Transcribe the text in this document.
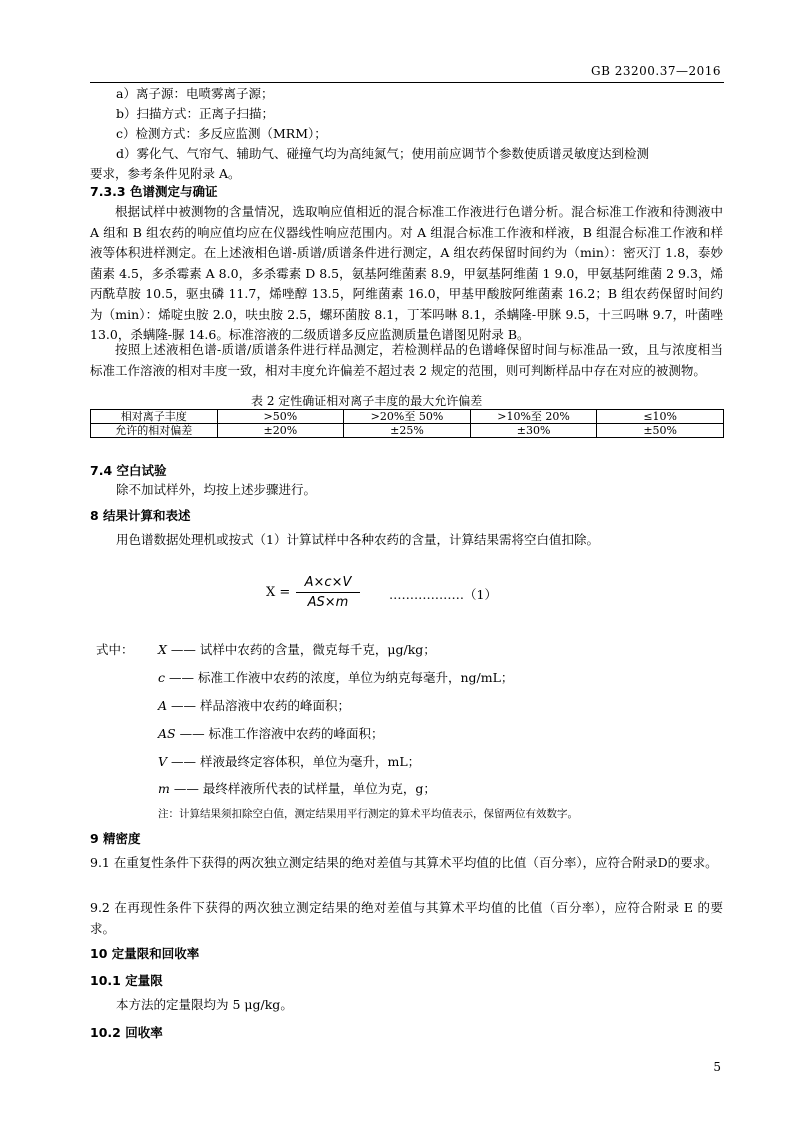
GB 23200.37—2016
a）离子源：电喷雾离子源；
b）扫描方式：正离子扫描；
c）检测方式：多反应监测（MRM）；
d）雾化气、气帘气、辅助气、碰撞气均为高纯氮气；使用前应调节个参数使质谱灵敏度达到检测
要求，参考条件见附录 A。
7.3.3 色谱测定与确证
根据试样中被测物的含量情况，选取响应值相近的混合标准工作液进行色谱分析。混合标准工作液和待测液中 A 组和 B 组农药的响应值均应在仪器线性响应范围内。对 A 组混合标准工作液和样液，B 组混合标准工作液和样液等体积进样测定。在上述液相色谱-质谱/质谱条件进行测定，A 组农药保留时间约为（min）：密灭汀 1.8，泰妙菌素 4.5，多杀霉素 A 8.0，多杀霉素 D 8.5，氨基阿维菌素 8.9，甲氨基阿维菌 1 9.0，甲氨基阿维菌 2 9.3，烯丙酰草胺 10.5，驱虫磷 11.7，烯唑醇 13.5，阿维菌素 16.0，甲基甲酸胺阿维菌素 16.2；B 组农药保留时间约为（min）：烯啶虫胺 2.0，呋虫胺 2.5，螺环菌胺 8.1，丁苯吗啉 8.1，杀螨隆-甲脒 9.5，十三吗啉 9.7，叶菌唑 13.0，杀螨隆-脲 14.6。标准溶液的二级质谱多反应监测质量色谱图见附录 B。
按照上述液相色谱-质谱/质谱条件进行样品测定，若检测样品的色谱峰保留时间与标准品一致，且与浓度相当标准工作溶液的相对丰度一致，相对丰度允许偏差不超过表 2 规定的范围，则可判断样品中存在对应的被测物。
表 2 定性确证相对离子丰度的最大允许偏差
相对离子丰度	>50%	>20%至 50%	>10%至 20%	≤10%
允许的相对偏差	±20%	±25%	±30%	±50%
7.4 空白试验
除不加试样外，均按上述步骤进行。
8 结果计算和表述
用色谱数据处理机或按式（1）计算试样中各种农药的含量，计算结果需将空白值扣除。
X =
A×c×V
AS×m
………………（1）
式中： X —— 试样中农药的含量，微克每千克，μg/kg；
c —— 标准工作液中农药的浓度，单位为纳克每毫升，ng/mL；
A —— 样品溶液中农药的峰面积；
AS —— 标准工作溶液中农药的峰面积；
V —— 样液最终定容体积，单位为毫升，mL；
m —— 最终样液所代表的试样量，单位为克，g；
注：计算结果须扣除空白值，测定结果用平行测定的算术平均值表示，保留两位有效数字。
9 精密度
9.1 在重复性条件下获得的两次独立测定结果的绝对差值与其算术平均值的比值（百分率），应符合附录D的要求。
9.2 在再现性条件下获得的两次独立测定结果的绝对差值与其算术平均值的比值（百分率），应符合附录 E 的要求。
10 定量限和回收率
10.1 定量限
本方法的定量限均为 5 μg/kg。
10.2 回收率
5
